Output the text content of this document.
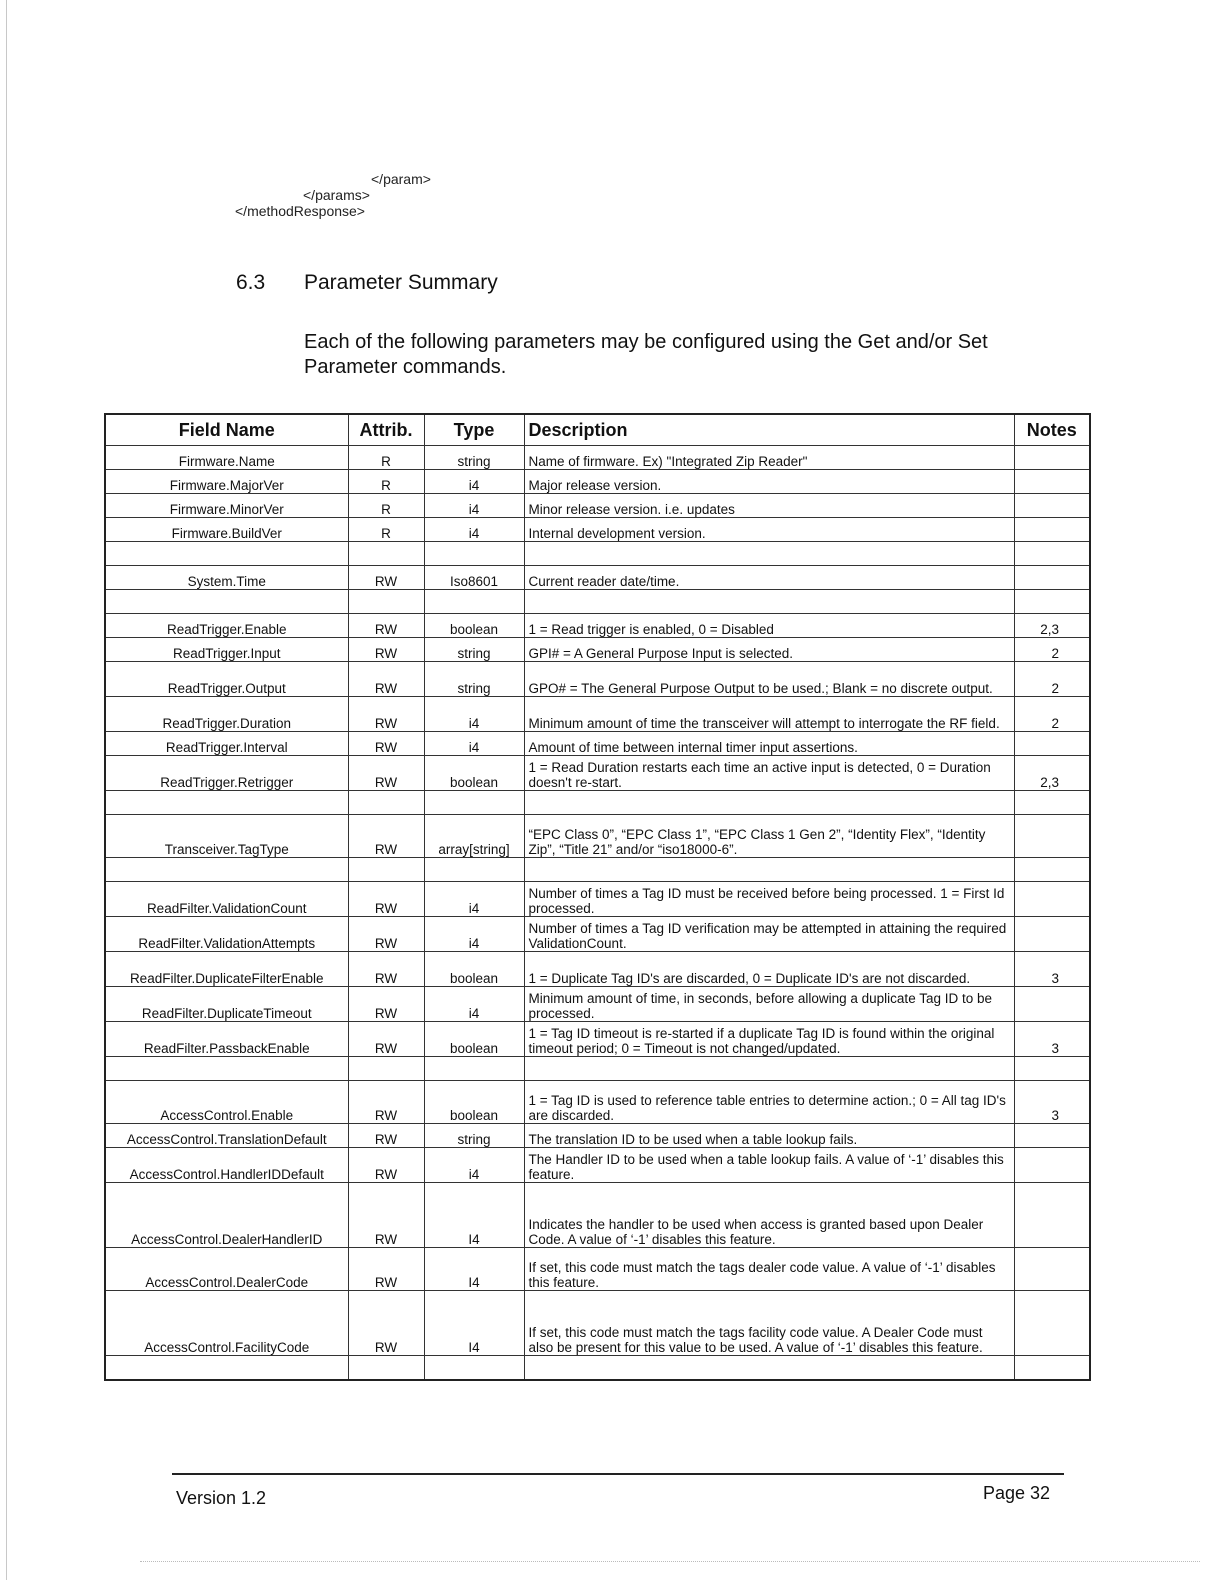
</param>
</params>
</methodResponse>
6.3 Parameter Summary
Each of the following parameters may be configured using the Get and/or Set Parameter commands.
Field Name	Attrib.	Type	Description	Notes
Firmware.Name	R	string	Name of firmware. Ex) "Integrated Zip Reader"	
Firmware.MajorVer	R	i4	Major release version.	
Firmware.MinorVer	R	i4	Minor release version. i.e. updates	
Firmware.BuildVer	R	i4	Internal development version.	

System.Time	RW	Iso8601	Current reader date/time.	

ReadTrigger.Enable	RW	boolean	1 = Read trigger is enabled, 0 = Disabled	2,3
ReadTrigger.Input	RW	string	GPI# = A General Purpose Input is selected.	2
ReadTrigger.Output	RW	string	GPO# = The General Purpose Output to be used.; Blank = no discrete output.	2
ReadTrigger.Duration	RW	i4	Minimum amount of time the transceiver will attempt to interrogate the RF field.	2
ReadTrigger.Interval	RW	i4	Amount of time between internal timer input assertions.	
ReadTrigger.Retrigger	RW	boolean	1 = Read Duration restarts each time an active input is detected, 0 = Duration doesn't re-start.	2,3

Transceiver.TagType	RW	array[string]	“EPC Class 0”, “EPC Class 1”, “EPC Class 1 Gen 2”, “Identity Flex”, “Identity Zip”, “Title 21” and/or “iso18000-6”.	

ReadFilter.ValidationCount	RW	i4	Number of times a Tag ID must be received before being processed. 1 = First Id processed.	
ReadFilter.ValidationAttempts	RW	i4	Number of times a Tag ID verification may be attempted in attaining the required ValidationCount.	
ReadFilter.DuplicateFilterEnable	RW	boolean	1 = Duplicate Tag ID's are discarded, 0 = Duplicate ID's are not discarded.	3
ReadFilter.DuplicateTimeout	RW	i4	Minimum amount of time, in seconds, before allowing a duplicate Tag ID to be processed.	
ReadFilter.PassbackEnable	RW	boolean	1 = Tag ID timeout is re-started if a duplicate Tag ID is found within the original timeout period; 0 = Timeout is not changed/updated.	3

AccessControl.Enable	RW	boolean	1 = Tag ID is used to reference table entries to determine action.; 0 = All tag ID's are discarded.	3
AccessControl.TranslationDefault	RW	string	The translation ID to be used when a table lookup fails.	
AccessControl.HandlerIDDefault	RW	i4	The Handler ID to be used when a table lookup fails. A value of ‘-1’ disables this feature.	
AccessControl.DealerHandlerID	RW	I4	Indicates the handler to be used when access is granted based upon Dealer Code. A value of ‘-1’ disables this feature.	
AccessControl.DealerCode	RW	I4	If set, this code must match the tags dealer code value. A value of ‘-1’ disables this feature.	
AccessControl.FacilityCode	RW	I4	If set, this code must match the tags facility code value. A Dealer Code must also be present for this value to be used. A value of ‘-1’ disables this feature.	

Version 1.2	Page 32
